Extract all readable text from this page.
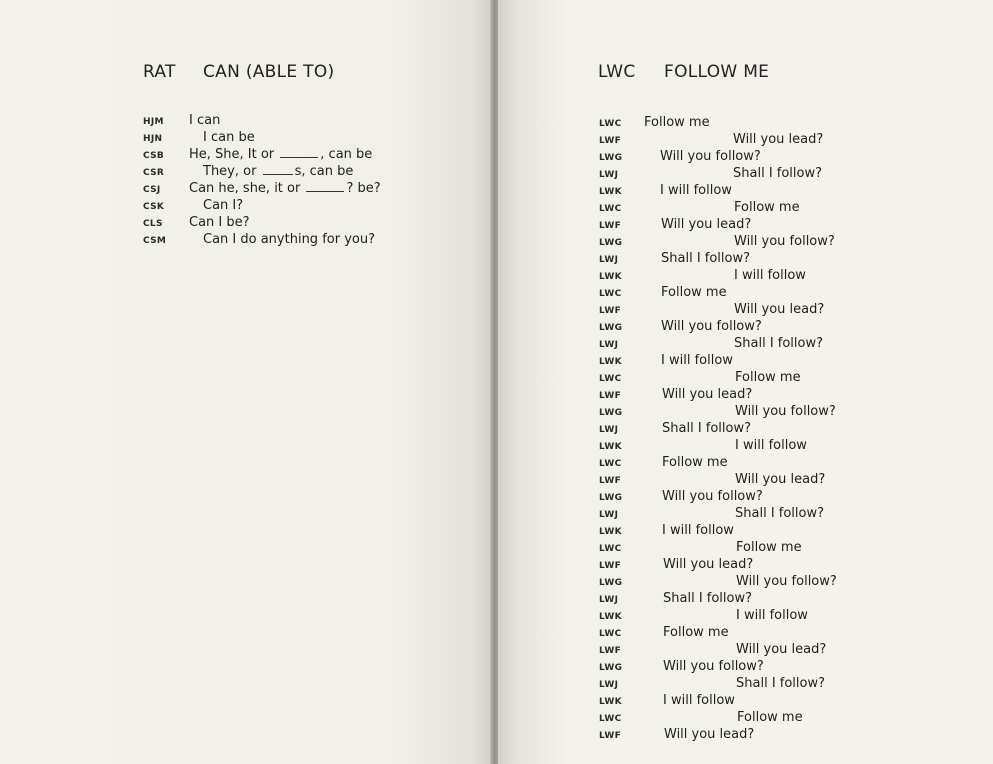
RAT CAN (ABLE TO)
HJM I can
HJN	I can be
CSB He, She, It or	, can be
CSR	They, or	s, can be
CSJ Can he, she, it or	? be?
CSK	Can I?
CLS Can I be?
CSM	Can I do anything for you?
LWC FOLLOW ME
LWC Follow me
LWF	Will you lead?
LWG	Will you follow?
LWJ	Shall I follow?
LWK	I will follow
LWC	Follow me
LWF	Will you lead?
LWG	Will you follow?
LWJ	Shall I follow?
LWK	I will follow
LWC	Follow me
LWF	Will you lead?
LWG	Will you follow?
LWJ	Shall I follow?
LWK	I will follow
LWC	Follow me
LWF	Will you lead?
LWG	Will you follow?
LWJ	Shall I follow?
LWK	I will follow
LWC	Follow me
LWF	Will you lead?
LWG	Will you follow?
LWJ	Shall I follow?
LWK	I will follow
LWC	Follow me
LWF	Will you lead?
LWG	Will you follow?
LWJ	Shall I follow?
LWK	I will follow
LWC	Follow me
LWF	Will you lead?
LWG	Will you follow?
LWJ	Shall I follow?
LWK	I will follow
LWC	Follow me
LWF	Will you lead?
